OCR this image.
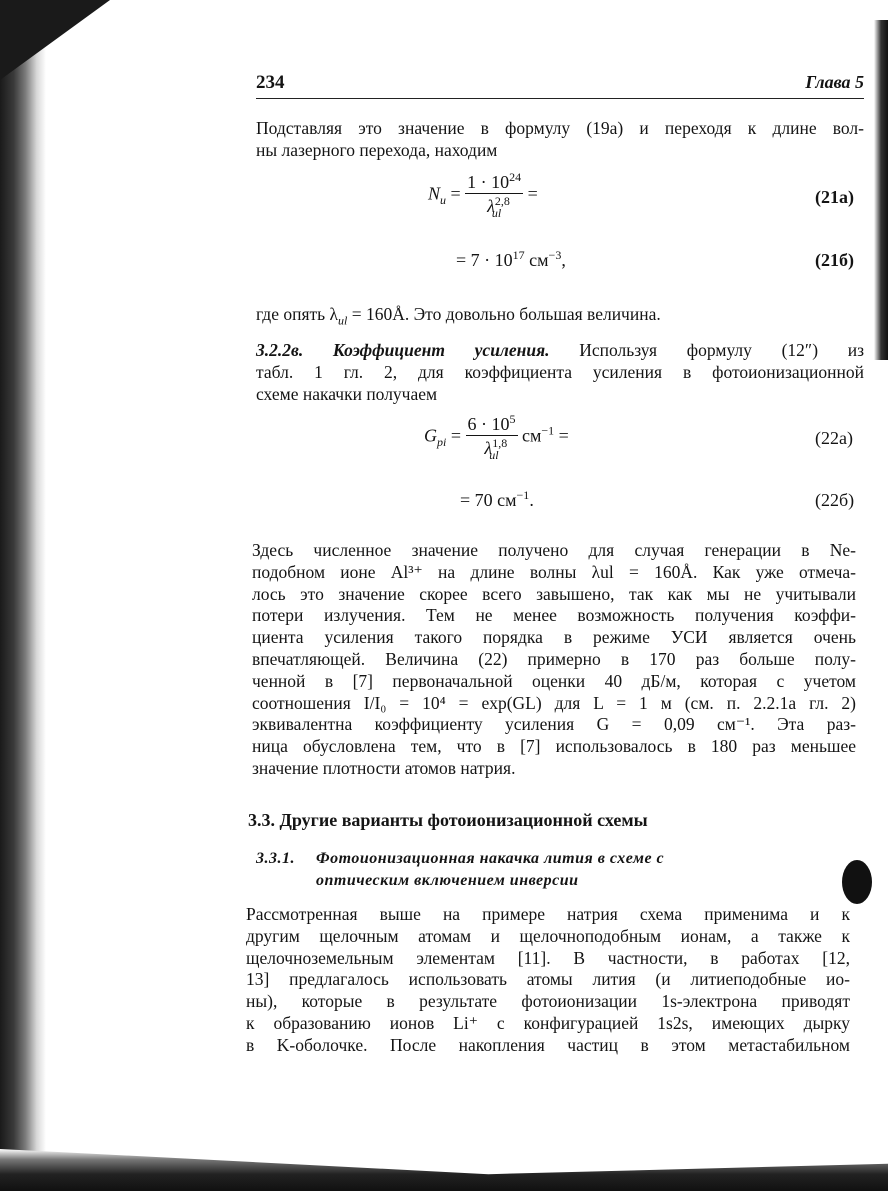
234	Глава 5
Подставляя это значение в формулу (19а) и переходя к длине вол-
ны лазерного перехода, находим
$N_u = \frac{1 \cdot 10^{24}}{\lambda^{2,8}_{ul}}$ =	(21а)
= $7 \cdot 10^{17}$ $см^{-3}$,	(21б)
где опять $\lambda_{ul}$ = 160Å. Это довольно большая величина.
3.2.2в. Коэффициент усиления. Используя формулу (12″) из
табл. 1 гл. 2, для коэффициента усиления в фотоионизационной
схеме накачки получаем
$G_{pi} = \frac{6 \cdot 10^5}{\lambda^{1,8}_{ul}} см^{-1}$ =	(22а)
= 70 $см^{-1}$.	(22б)
Здесь численное значение получено для случая генерации в Ne-
подобном ионе Al³⁺ на длине волны λul = 160Å. Как уже отмеча-
лось это значение скорее всего завышено, так как мы не учитывали
потери излучения. Тем не менее возможность получения коэффи-
циента усиления такого порядка в режиме УСИ является очень
впечатляющей. Величина (22) примерно в 170 раз больше полу-
ченной в [7] первоначальной оценки 40 дБ/м, которая с учетом
соотношения I/I₀ = 10⁴ = exp(GL) для L = 1 м (см. п. 2.2.1а гл. 2)
эквивалентна коэффициенту усиления G = 0,09 см⁻¹. Эта раз-
ница обусловлена тем, что в [7] использовалось в 180 раз меньшее
значение плотности атомов натрия.
3.3. Другие варианты фотоионизационной схемы
3.3.1. Фотоионизационная накачка лития в схеме с
оптическим включением инверсии
Рассмотренная выше на примере натрия схема применима и к
другим щелочным атомам и щелочноподобным ионам, а также к
щелочноземельным элементам [11]. В частности, в работах [12,
13] предлагалось использовать атомы лития (и литиеподобные ио-
ны), которые в результате фотоионизации 1s-электрона приводят
к образованию ионов Li⁺ с конфигурацией 1s2s, имеющих дырку
в K-оболочке. После накопления частиц в этом метастабильном
